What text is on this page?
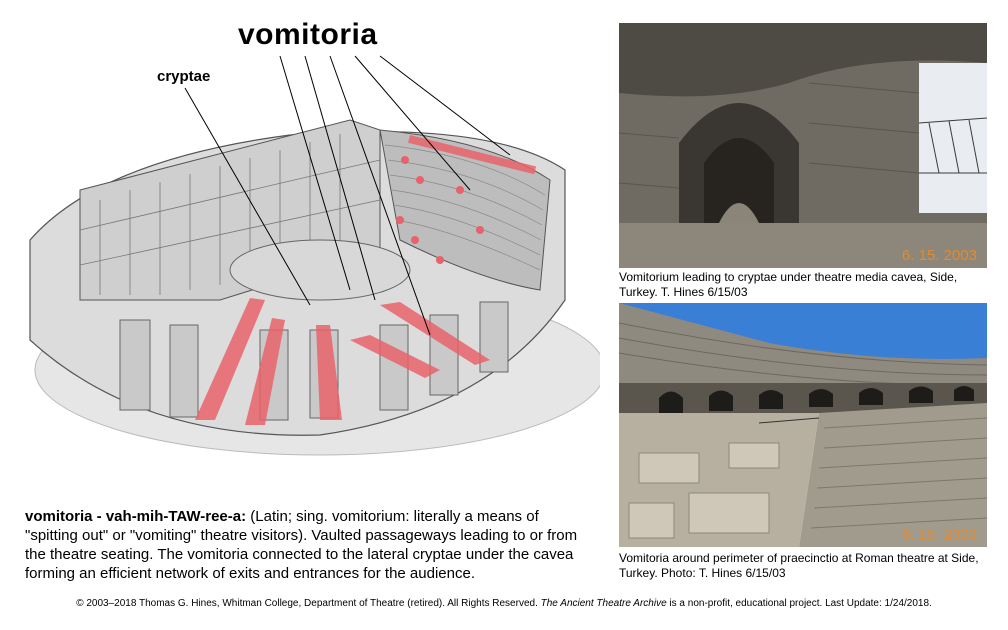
vomitoria
cryptae
vomitoria - vah-mih-TAW-ree-a: (Latin; sing. vomitorium: literally a means of "spitting out" or "vomiting" theatre visitors). Vaulted passageways leading to or from the theatre seating. The vomitoria connected to the lateral cryptae under the cavea forming an efficient network of exits and entrances for the audience.
6. 15. 2003
Vomitorium leading to cryptae under theatre media cavea, Side, Turkey. T. Hines 6/15/03
6. 15. 2003
Vomitoria around perimeter of praecinctio at Roman theatre at Side, Turkey. Photo: T. Hines 6/15/03
© 2003–2018 Thomas G. Hines, Whitman College, Department of Theatre (retired). All Rights Reserved. The Ancient Theatre Archive is a non-profit, educational project. Last Update: 1/24/2018.
